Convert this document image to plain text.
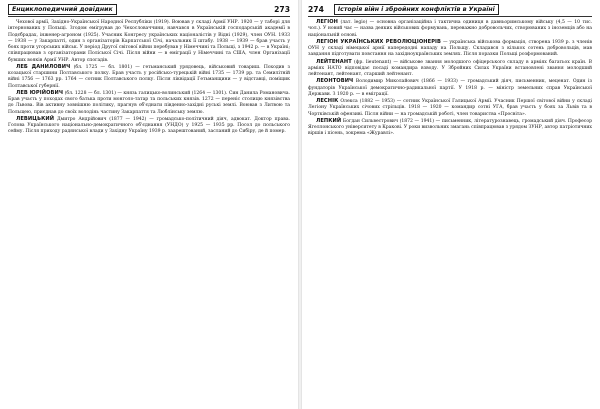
Енциклопедичний довідник	273

Чехової армії, Західно-Української Народної Республіки (1919). Воював у складі Армії УНР. 1920 — у таборі для інтернованих у Польщі. Згодом емігрував до Чехословаччини, навчався в Українській господарській академії в Подєбрадах, інженер-агроном (1925). Учасник Конгресу українських націоналістів у Відні (1929), член ОУН. 1933 — 1938 — у Закарпатті, один з організаторів Карпатської Січі, начальник її штабу. 1938 — 1939 — брав участь у боях проти угорських військ. У період Другої світової війни перебував у Німеччині та Польщі, з 1942 р. — в Україні; співпрацював з організаторами Поліської Січі. Після війни — в еміграції у Німеччині та США, член Організації бувших вояків Армії УНР. Автор спогадів.

ЛЕБ ДАНИЛОВИЧ (бл. 1725 — бл. 1801) — гетьманський урядовець, військовий товариш. Походив з козацької старшини Полтавського полку. Брав участь у російсько-турецькій війні 1735 — 1739 рр. та Семилітній війні 1756 — 1763 рр. 1764 — сотник Полтавського полку. Після ліквідації Гетьманщини — у відставці, поміщик Полтавської губернії.

ЛЕВ ЮРІЙОВИЧ (бл. 1228 — бл. 1301) — князь галицько-волинський (1264 — 1301). Син Данила Романовича. Брав участь у походах свого батька проти монголо-татар та польських князів. 1272 — переніс столицю князівства до Львова. Вів активну зовнішню політику, прагнув об'єднати південно-західні руські землі. Воював з Литвою та Польщею, приєднав до своїх володінь частину Закарпаття та Люблінську землю.

ЛЕВИЦЬКИЙ Дмитро Андрійович (1877 — 1942) — громадсько-політичний діяч, адвокат. Доктор права. Голова Українського національно-демократичного об'єднання (УНДО) у 1925 — 1935 рр. Посол до польського сейму. Після приходу радянської влади у Західну Україну 1939 р. заарештований, засланий до Сибіру, де й помер.

274	Історія війн і збройних конфліктів в Україні

ЛЕГІОН (лат. legio) — основна організаційна і тактична одиниця в давньоримському війську (4,5 — 10 тис. чол.). У новий час — назва деяких військових формувань, переважно добровольчих, створюваних з іноземців або на національній основі.

ЛЕГІОН УКРАЇНСЬКИХ РЕВОЛЮЦІОНЕРІВ — українська військова формація, створена 1939 р. з членів ОУН у складі німецької армії напередодні нападу на Польщу. Складався з кількох сотень добровольців, мав завдання підготувати повстання на західноукраїнських землях. Після поразки Польщі розформований.

ЛЕЙТЕНАНТ (фр. lieutenant) — військове звання молодшого офіцерського складу в арміях багатьох країн. В арміях НАТО відповідає посаді командира взводу. У Збройних Силах України встановлені звання молодший лейтенант, лейтенант, старший лейтенант.

ЛЕОНТОВИЧ Володимир Миколайович (1866 — 1933) — громадський діяч, письменник, меценат. Один із фундаторів Української демократично-радикальної партії. У 1918 р. — міністр земельних справ Української Держави. З 1920 р. — в еміграції.

ЛЕСНІК Олекса (1882 — 1953) — сотник Української Галицької Армії. Учасник Першої світової війни у складі Легіону Українських січових стрільців. 1918 — 1920 — командир сотні УГА, брав участь у боях за Львів та в Чортківській офензиві. Після війни — на громадській роботі, член товариства «Просвіта».

ЛЕПКИЙ Богдан Сильвестрович (1872 — 1941) — письменник, літературознавець, громадський діяч. Професор Ягеллонського університету в Кракові. У роки визвольних змагань співпрацював з урядом ЗУНР, автор патріотичних віршів і пісень, зокрема «Журавлі».
